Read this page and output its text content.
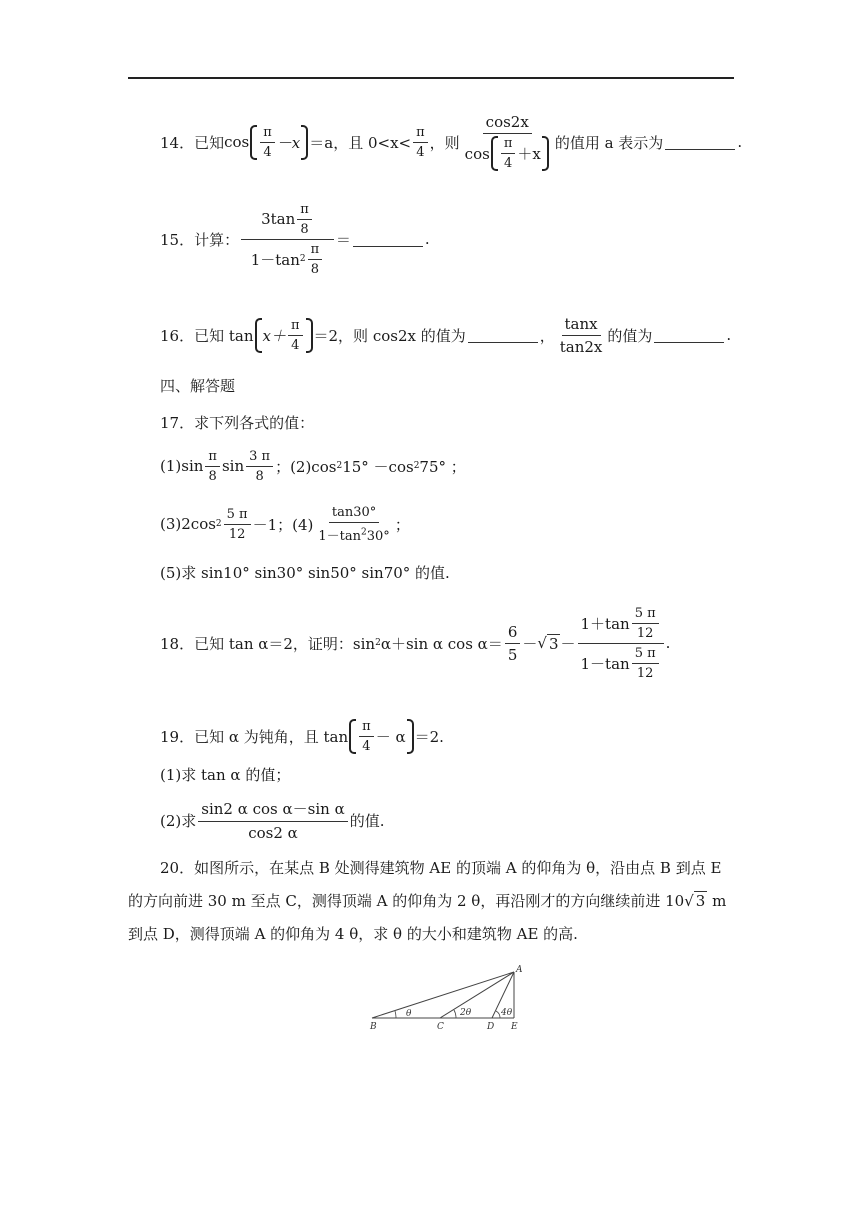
14．已知 $\cos \frac{\pi}{4} -x =a$，且 $0<x< \frac{\pi}{4}$ ，则 $\frac{\cos 2x}{\cos \frac{\pi}{4} +x}$ 的值用 a 表示为	.
15．计算： $\frac{3\tan \frac{\pi}{8}}{1-\tan 2 \frac{\pi}{8}}$ ＝	.
16．已知 $\tan x+ \frac{\pi}{4} =2$，则 cos2x 的值为	， $\frac{\tan x}{\tan 2x}$ 的值为	.
四、解答题
17．求下列各式的值：
$(1)\sin \frac{\pi}{8}$ $\sin \frac{3 \pi}{8}$ ；(2)cos 2 15° －cos 2 75° ；
(3)2cos $2 \frac{5 \pi}{12} -1$；$(4) \frac{\tan 30^\circ}{1-\tan^230^\circ}$ ；
(5)求 sin10° sin30° sin50° sin70° 的值.
18．已知 tan α＝2，证明：sin 2 α＋sin α $\cos \alpha= \frac{6}{5}$ － √ $3 - \frac{1+\tan \frac{5 \pi}{12}}{1-\tan \frac{5 \pi}{12}}$ .
19．已知 α 为钝角，且 $\tan \frac{\pi}{4} - \alpha =2$.
(1)求 tan α 的值；
(2)求 $\frac{\text{sin2 α cos α－sin α}}{\cos 2 \alpha}$ 的值.
20．如图所示，在某点 B 处测得建筑物 AE 的顶端 A 的仰角为 θ，沿由点 B 到点 E 的方向前进 30 m 至点 C，测得顶端 A 的仰角为 2 θ，再沿刚才的方向继续前进 10√ 3 m 到点 D，测得顶端 A 的仰角为 4 θ，求 θ 的大小和建筑物 AE 的高.
A
B	C	D E
θ	2θ	4θ
